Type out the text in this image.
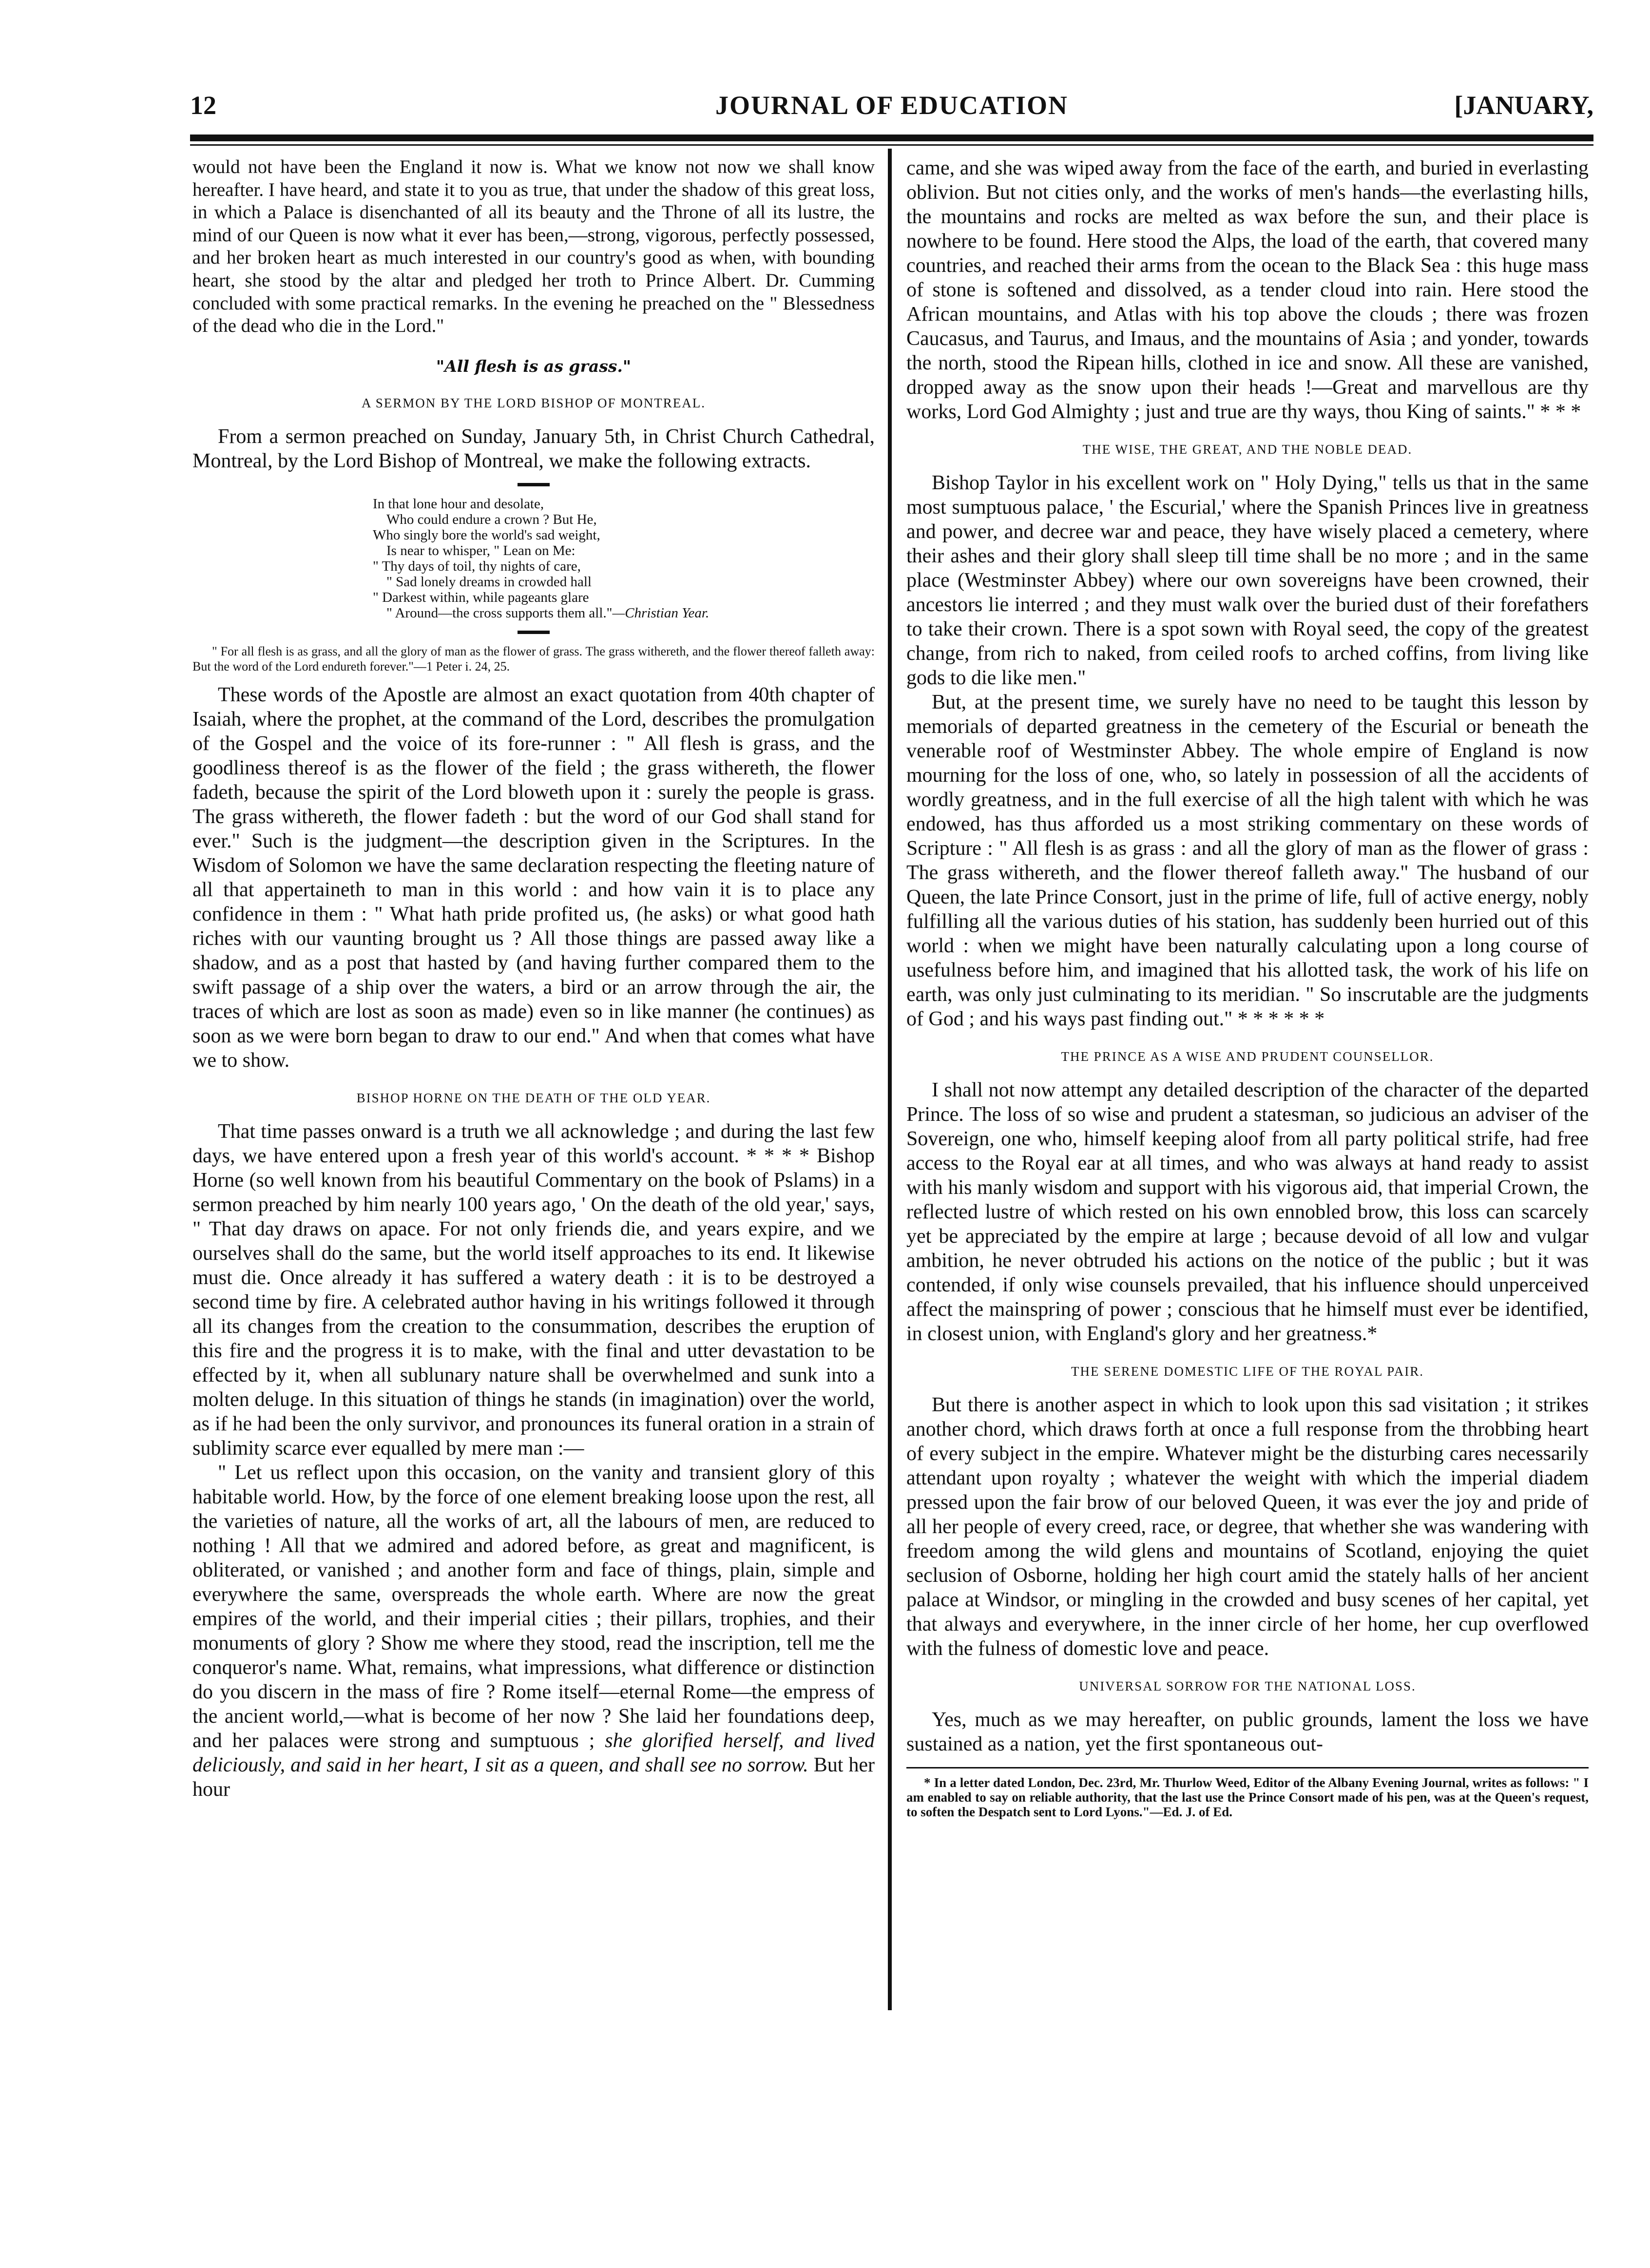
12	JOURNAL OF EDUCATION	[JANUARY,

would not have been the England it now is. What we know not now we shall know hereafter. I have heard, and state it to you as true, that under the shadow of this great loss, in which a Palace is disenchanted of all its beauty and the Throne of all its lustre, the mind of our Queen is now what it ever has been,—strong, vigorous, perfectly possessed, and her broken heart as much interested in our country's good as when, with bounding heart, she stood by the altar and pledged her troth to Prince Albert. Dr. Cumming concluded with some practical remarks. In the evening he preached on the " Blessedness of the dead who die in the Lord."

"All flesh is as grass."
A SERMON BY THE LORD BISHOP OF MONTREAL.

From a sermon preached on Sunday, January 5th, in Christ Church Cathedral, Montreal, by the Lord Bishop of Montreal, we make the following extracts.

In that lone hour and desolate,
Who could endure a crown ? But He,
Who singly bore the world's sad weight,
Is near to whisper, " Lean on Me:
" Thy days of toil, thy nights of care,
" Sad lonely dreams in crowded hall
" Darkest within, while pageants glare
" Around—the cross supports them all."—Christian Year.

" For all flesh is as grass, and all the glory of man as the flower of grass. The grass withereth, and the flower thereof falleth away: But the word of the Lord endureth forever."—1 Peter i. 24, 25.

These words of the Apostle are almost an exact quotation from 40th chapter of Isaiah, where the prophet, at the command of the Lord, describes the promulgation of the Gospel and the voice of its fore-runner : " All flesh is grass, and the goodliness thereof is as the flower of the field ; the grass withereth, the flower fadeth, because the spirit of the Lord bloweth upon it : surely the people is grass. The grass withereth, the flower fadeth : but the word of our God shall stand for ever." Such is the judgment—the description given in the Scriptures. In the Wisdom of Solomon we have the same declaration respecting the fleeting nature of all that appertaineth to man in this world : and how vain it is to place any confidence in them : " What hath pride profited us, (he asks) or what good hath riches with our vaunting brought us ? All those things are passed away like a shadow, and as a post that hasted by (and having further compared them to the swift passage of a ship over the waters, a bird or an arrow through the air, the traces of which are lost as soon as made) even so in like manner (he continues) as soon as we were born began to draw to our end." And when that comes what have we to show.

BISHOP HORNE ON THE DEATH OF THE OLD YEAR.

That time passes onward is a truth we all acknowledge ; and during the last few days, we have entered upon a fresh year of this world's account. * * * * Bishop Horne (so well known from his beautiful Commentary on the book of Pslams) in a sermon preached by him nearly 100 years ago, ' On the death of the old year,' says, " That day draws on apace. For not only friends die, and years expire, and we ourselves shall do the same, but the world itself approaches to its end. It likewise must die. Once already it has suffered a watery death : it is to be destroyed a second time by fire. A celebrated author having in his writings followed it through all its changes from the creation to the consummation, describes the eruption of this fire and the progress it is to make, with the final and utter devastation to be effected by it, when all sublunary nature shall be overwhelmed and sunk into a molten deluge. In this situation of things he stands (in imagination) over the world, as if he had been the only survivor, and pronounces its funeral oration in a strain of sublimity scarce ever equalled by mere man :—

" Let us reflect upon this occasion, on the vanity and transient glory of this habitable world. How, by the force of one element breaking loose upon the rest, all the varieties of nature, all the works of art, all the labours of men, are reduced to nothing ! All that we admired and adored before, as great and magnificent, is obliterated, or vanished ; and another form and face of things, plain, simple and everywhere the same, overspreads the whole earth. Where are now the great empires of the world, and their imperial cities ; their pillars, trophies, and their monuments of glory ? Show me where they stood, read the inscription, tell me the conqueror's name. What, remains, what impressions, what difference or distinction do you discern in the mass of fire ? Rome itself—eternal Rome—the empress of the ancient world,—what is become of her now ? She laid her foundations deep, and her palaces were strong and sumptuous ; she glorified herself, and lived deliciously, and said in her heart, I sit as a queen, and shall see no sorrow. But her hour

came, and she was wiped away from the face of the earth, and buried in everlasting oblivion. But not cities only, and the works of men's hands—the everlasting hills, the mountains and rocks are melted as wax before the sun, and their place is nowhere to be found. Here stood the Alps, the load of the earth, that covered many countries, and reached their arms from the ocean to the Black Sea : this huge mass of stone is softened and dissolved, as a tender cloud into rain. Here stood the African mountains, and Atlas with his top above the clouds ; there was frozen Caucasus, and Taurus, and Imaus, and the mountains of Asia ; and yonder, towards the north, stood the Ripean hills, clothed in ice and snow. All these are vanished, dropped away as the snow upon their heads !—Great and marvellous are thy works, Lord God Almighty ; just and true are thy ways, thou King of saints." * * *

THE WISE, THE GREAT, AND THE NOBLE DEAD.

Bishop Taylor in his excellent work on " Holy Dying," tells us that in the same most sumptuous palace, ' the Escurial,' where the Spanish Princes live in greatness and power, and decree war and peace, they have wisely placed a cemetery, where their ashes and their glory shall sleep till time shall be no more ; and in the same place (Westminster Abbey) where our own sovereigns have been crowned, their ancestors lie interred ; and they must walk over the buried dust of their forefathers to take their crown. There is a spot sown with Royal seed, the copy of the greatest change, from rich to naked, from ceiled roofs to arched coffins, from living like gods to die like men."

But, at the present time, we surely have no need to be taught this lesson by memorials of departed greatness in the cemetery of the Escurial or beneath the venerable roof of Westminster Abbey. The whole empire of England is now mourning for the loss of one, who, so lately in possession of all the accidents of wordly greatness, and in the full exercise of all the high talent with which he was endowed, has thus afforded us a most striking commentary on these words of Scripture : " All flesh is as grass : and all the glory of man as the flower of grass : The grass withereth, and the flower thereof falleth away." The husband of our Queen, the late Prince Consort, just in the prime of life, full of active energy, nobly fulfilling all the various duties of his station, has suddenly been hurried out of this world : when we might have been naturally calculating upon a long course of usefulness before him, and imagined that his allotted task, the work of his life on earth, was only just culminating to its meridian. " So inscrutable are the judgments of God ; and his ways past finding out." * * * * * *

THE PRINCE AS A WISE AND PRUDENT COUNSELLOR.

I shall not now attempt any detailed description of the character of the departed Prince. The loss of so wise and prudent a statesman, so judicious an adviser of the Sovereign, one who, himself keeping aloof from all party political strife, had free access to the Royal ear at all times, and who was always at hand ready to assist with his manly wisdom and support with his vigorous aid, that imperial Crown, the reflected lustre of which rested on his own ennobled brow, this loss can scarcely yet be appreciated by the empire at large ; because devoid of all low and vulgar ambition, he never obtruded his actions on the notice of the public ; but it was contended, if only wise counsels prevailed, that his influence should unperceived affect the mainspring of power ; conscious that he himself must ever be identified, in closest union, with England's glory and her greatness.*

THE SERENE DOMESTIC LIFE OF THE ROYAL PAIR.

But there is another aspect in which to look upon this sad visitation ; it strikes another chord, which draws forth at once a full response from the throbbing heart of every subject in the empire. Whatever might be the disturbing cares necessarily attendant upon royalty ; whatever the weight with which the imperial diadem pressed upon the fair brow of our beloved Queen, it was ever the joy and pride of all her people of every creed, race, or degree, that whether she was wandering with freedom among the wild glens and mountains of Scotland, enjoying the quiet seclusion of Osborne, holding her high court amid the stately halls of her ancient palace at Windsor, or mingling in the crowded and busy scenes of her capital, yet that always and everywhere, in the inner circle of her home, her cup overflowed with the fulness of domestic love and peace.

UNIVERSAL SORROW FOR THE NATIONAL LOSS.

Yes, much as we may hereafter, on public grounds, lament the loss we have sustained as a nation, yet the first spontaneous out-

* In a letter dated London, Dec. 23rd, Mr. Thurlow Weed, Editor of the Albany Evening Journal, writes as follows: " I am enabled to say on reliable authority, that the last use the Prince Consort made of his pen, was at the Queen's request, to soften the Despatch sent to Lord Lyons."—Ed. J. of Ed.
